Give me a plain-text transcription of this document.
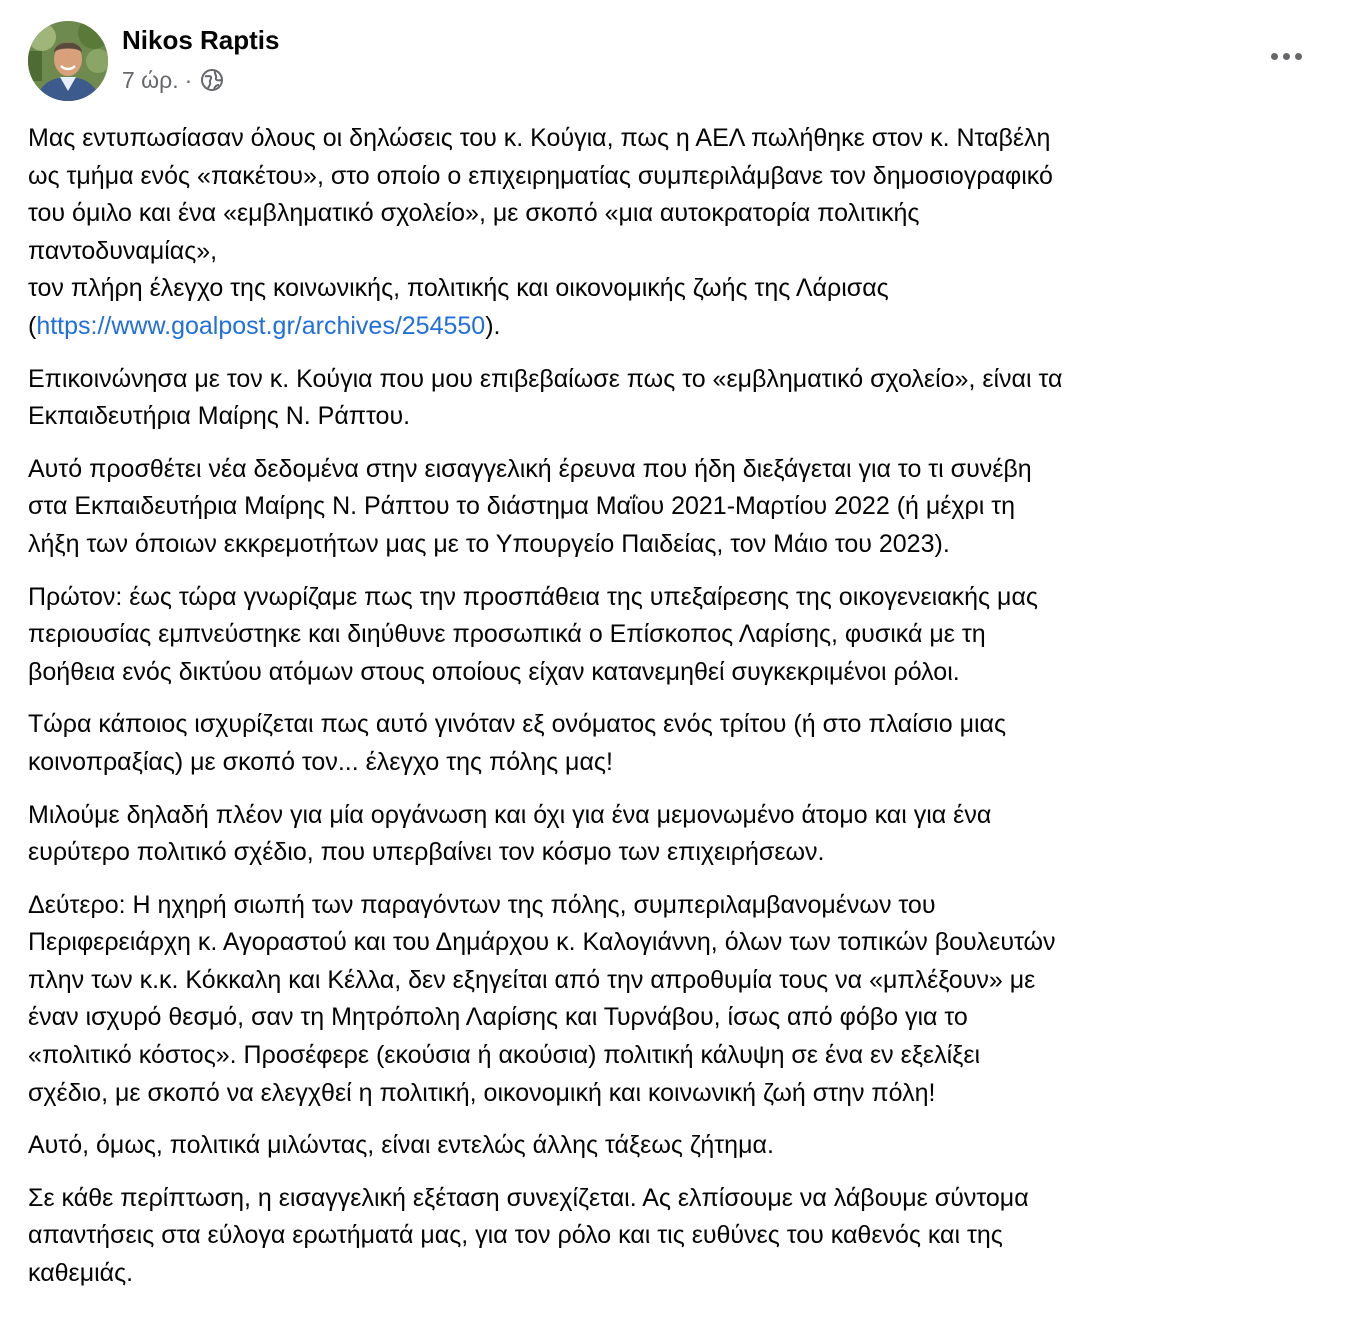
Nikos Raptis
7 ώρ. ·
Μας εντυπωσίασαν όλους οι δηλώσεις του κ. Κούγια, πως η ΑΕΛ πωλήθηκε στον κ. Νταβέλη
ως τμήμα ενός «πακέτου», στο οποίο ο επιχειρηματίας συμπεριλάμβανε τον δημοσιογραφικό
του όμιλο και ένα «εμβληματικό σχολείο», με σκοπό «μια αυτοκρατορία πολιτικής
παντοδυναμίας»,
τον πλήρη έλεγχο της κοινωνικής, πολιτικής και οικονομικής ζωής της Λάρισας
(https://www.goalpost.gr/archives/254550).
Επικοινώνησα με τον κ. Κούγια που μου επιβεβαίωσε πως το «εμβληματικό σχολείο», είναι τα
Εκπαιδευτήρια Μαίρης Ν. Ράπτου.
Αυτό προσθέτει νέα δεδομένα στην εισαγγελική έρευνα που ήδη διεξάγεται για το τι συνέβη
στα Εκπαιδευτήρια Μαίρης Ν. Ράπτου το διάστημα Μαΐου 2021-Μαρτίου 2022 (ή μέχρι τη
λήξη των όποιων εκκρεμοτήτων μας με το Υπουργείο Παιδείας, τον Μάιο του 2023).
Πρώτον: έως τώρα γνωρίζαμε πως την προσπάθεια της υπεξαίρεσης της οικογενειακής μας
περιουσίας εμπνεύστηκε και διηύθυνε προσωπικά ο Επίσκοπος Λαρίσης, φυσικά με τη
βοήθεια ενός δικτύου ατόμων στους οποίους είχαν κατανεμηθεί συγκεκριμένοι ρόλοι.
Τώρα κάποιος ισχυρίζεται πως αυτό γινόταν εξ ονόματος ενός τρίτου (ή στο πλαίσιο μιας
κοινοπραξίας) με σκοπό τον... έλεγχο της πόλης μας!
Μιλούμε δηλαδή πλέον για μία οργάνωση και όχι για ένα μεμονωμένο άτομο και για ένα
ευρύτερο πολιτικό σχέδιο, που υπερβαίνει τον κόσμο των επιχειρήσεων.
Δεύτερο: Η ηχηρή σιωπή των παραγόντων της πόλης, συμπεριλαμβανομένων του
Περιφερειάρχη κ. Αγοραστού και του Δημάρχου κ. Καλογιάννη, όλων των τοπικών βουλευτών
πλην των κ.κ. Κόκκαλη και Κέλλα, δεν εξηγείται από την απροθυμία τους να «μπλέξουν» με
έναν ισχυρό θεσμό, σαν τη Μητρόπολη Λαρίσης και Τυρνάβου, ίσως από φόβο για το
«πολιτικό κόστος». Προσέφερε (εκούσια ή ακούσια) πολιτική κάλυψη σε ένα εν εξελίξει
σχέδιο, με σκοπό να ελεγχθεί η πολιτική, οικονομική και κοινωνική ζωή στην πόλη!
Αυτό, όμως, πολιτικά μιλώντας, είναι εντελώς άλλης τάξεως ζήτημα.
Σε κάθε περίπτωση, η εισαγγελική εξέταση συνεχίζεται. Ας ελπίσουμε να λάβουμε σύντομα
απαντήσεις στα εύλογα ερωτήματά μας, για τον ρόλο και τις ευθύνες του καθενός και της
καθεμιάς.
